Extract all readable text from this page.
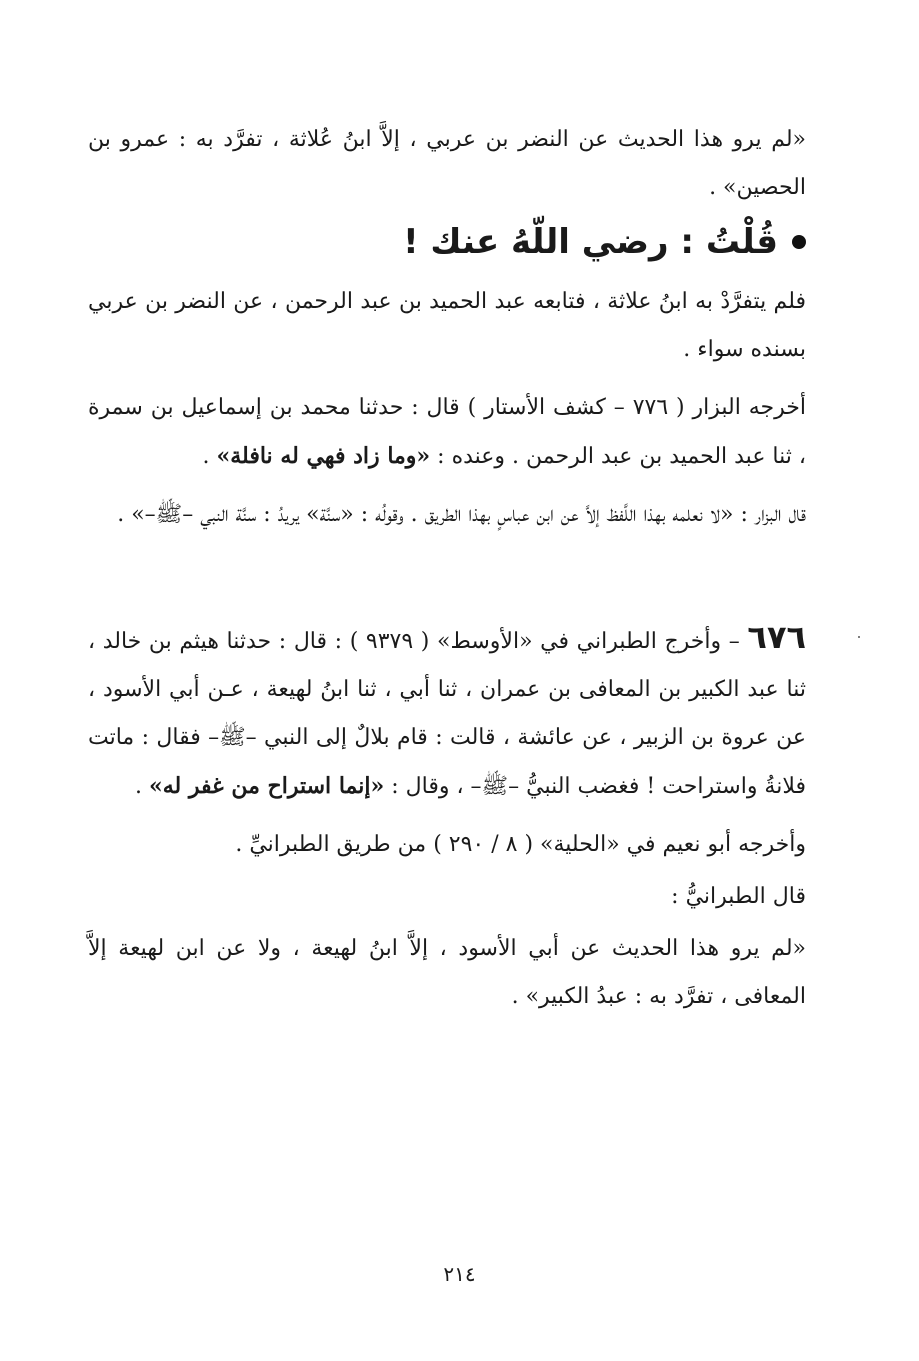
«لم يرو هذا الحديث عن النضر بن عربي ، إلاَّ ابنُ عُلاثة ، تفرَّد به : عمرو بن الحصين» .

قُلْتُ : رضي اللّهُ عنك !

فلم يتفرَّدْ به ابنُ علاثة ، فتابعه عبد الحميد بن عبد الرحمن ، عن النضر بن عربي بسنده سواء .

أخرجه البزار ( ٧٧٦ – كشف الأستار ) قال : حدثنا محمد بن إسماعيل بن سمرة ، ثنا عبد الحميد بن عبد الرحمن . وعنده : «وما زاد فهي له نافلة» .

قال البزار : «لا نعلمه بهذا اللَّفظ إلاَّ عن ابن عباسٍ بهذا الطريق . وقولُه : «سنَّة» يريدُ : سنَّة النبي –ﷺ–» .

٦٧٦ – وأخرج الطبراني في «الأوسط» ( ٩٣٧٩ ) : قال : حدثنا هيثم بن خالد ، ثنا عبد الكبير بن المعافى بن عمران ، ثنا أبي ، ثنا ابنُ لهيعة ، عـن أبي الأسود ، عن عروة بن الزبير ، عن عائشة ، قالت : قام بلالٌ إلى النبي –ﷺ– فقال : ماتت فلانةُ واستراحت ! فغضب النبيُّ –ﷺ– ، وقال : «إنما استراح من غفر له» .

وأخرجه أبو نعيم في «الحلية» ( ٨ / ٢٩٠ ) من طريق الطبرانيِّ .

قال الطبرانيُّ :

«لم يرو هذا الحديث عن أبي الأسود ، إلاَّ ابنُ لهيعة ، ولا عن ابن لهيعة إلاَّ المعافى ، تفرَّد به : عبدُ الكبير» .

٢١٤
